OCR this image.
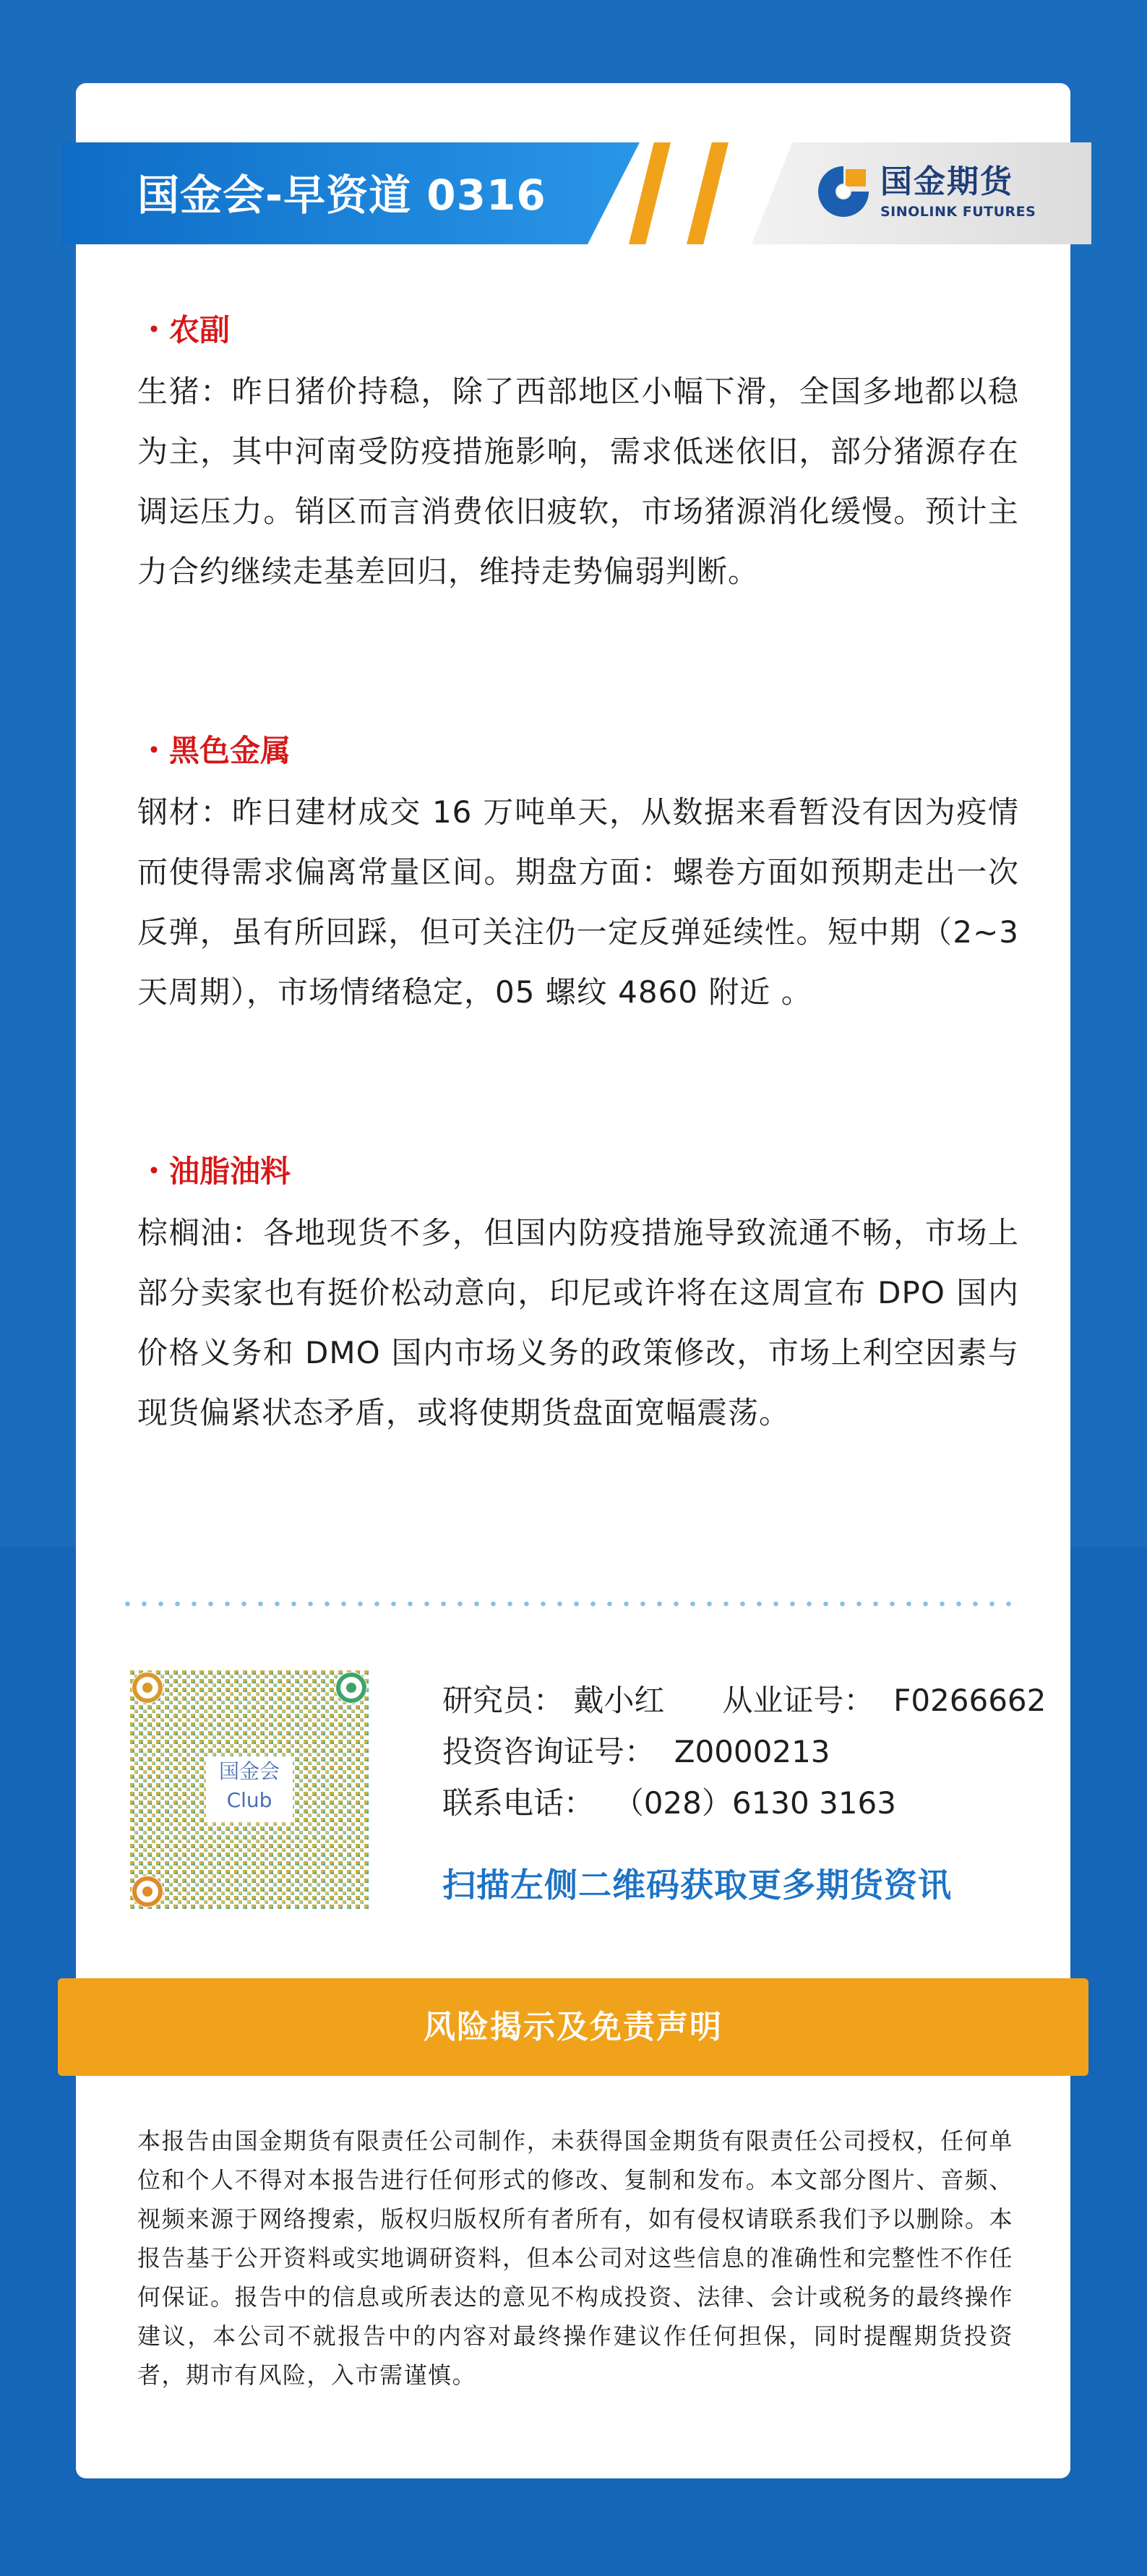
国金会-早资道 0316	国金期货
SINOLINK FUTURES
・农副
生猪：昨日猪价持稳，除了西部地区小幅下滑，全国多地都以稳为主，其中河南受防疫措施影响，需求低迷依旧，部分猪源存在调运压力。销区而言消费依旧疲软，市场猪源消化缓慢。预计主力合约继续走基差回归，维持走势偏弱判断。
・黑色金属
钢材：昨日建材成交 16 万吨单天，从数据来看暂没有因为疫情而使得需求偏离常量区间。期盘方面：螺卷方面如预期走出一次反弹，虽有所回踩，但可关注仍一定反弹延续性。短中期（2~3 天周期），市场情绪稳定，05 螺纹 4860 附近 。
・油脂油料
棕榈油：各地现货不多，但国内防疫措施导致流通不畅，市场上部分卖家也有挺价松动意向，印尼或许将在这周宣布 DPO 国内价格义务和 DMO 国内市场义务的政策修改，市场上利空因素与现货偏紧状态矛盾，或将使期货盘面宽幅震荡。
国金会
Club
研究员： 戴小红      从业证号：  F0266662
投资咨询证号：  Z0000213
联系电话：  （028）6130 3163
扫描左侧二维码获取更多期货资讯
风险揭示及免责声明
本报告由国金期货有限责任公司制作，未获得国金期货有限责任公司授权，任何单位和个人不得对本报告进行任何形式的修改、复制和发布。本文部分图片、音频、视频来源于网络搜索，版权归版权所有者所有，如有侵权请联系我们予以删除。本报告基于公开资料或实地调研资料，但本公司对这些信息的准确性和完整性不作任何保证。报告中的信息或所表达的意见不构成投资、法律、会计或税务的最终操作建议，本公司不就报告中的内容对最终操作建议作任何担保，同时提醒期货投资者，期市有风险，入市需谨慎。
